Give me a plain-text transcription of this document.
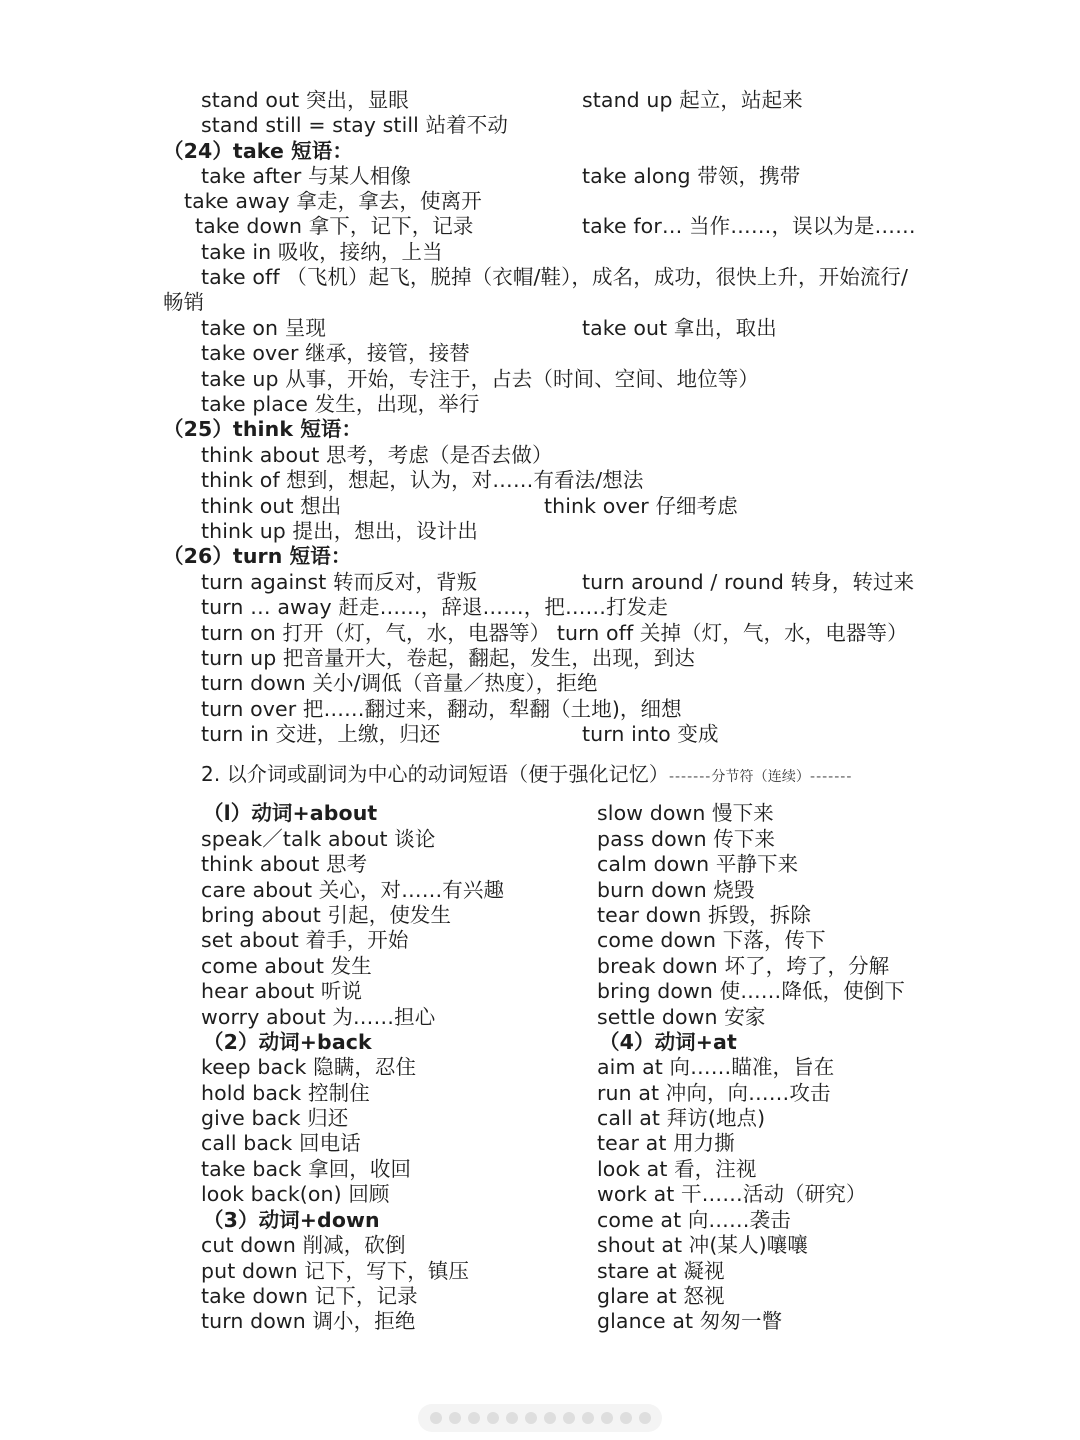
stand out 突出，显眼	stand up 起立，站起来
stand still = stay still 站着不动
（24）take 短语：
take after 与某人相像	take along 带领，携带
take away 拿走，拿去，使离开
take down 拿下，记下，记录	take for… 当作……，误以为是……
take in 吸收，接纳，上当
take off （飞机）起飞，脱掉（衣帽/鞋），成名，成功，很快上升，开始流行/
畅销
take on 呈现	take out 拿出，取出
take over 继承，接管，接替
take up 从事，开始，专注于，占去（时间、空间、地位等）
take place 发生，出现，举行
（25）think 短语：
think about 思考，考虑（是否去做）
think of 想到，想起，认为，对……有看法/想法
think out 想出	think over 仔细考虑
think up 提出，想出，设计出
（26）turn 短语：
turn against 转而反对，背叛	turn around / round 转身，转过来
turn … away 赶走……，辞退……，把……打发走
turn on 打开（灯，气，水，电器等） turn off 关掉（灯，气，水，电器等）
turn up 把音量开大，卷起，翻起，发生，出现，到达
turn down 关小/调低（音量／热度），拒绝
turn over 把……翻过来，翻动，犁翻（土地)，细想
turn in 交进，上缴，归还	turn into 变成
2. 以介词或副词为中心的动词短语（便于强化记忆）-------分节符（连续）-------
（l）动词+about
speak／talk about 谈论
think about 思考
care about 关心，对……有兴趣
bring about 引起，使发生
set about 着手，开始
come about 发生
hear about 听说
worry about 为……担心
（2）动词+back
keep back 隐瞒，忍住
hold back 控制住
give back 归还
call back 回电话
take back 拿回，收回
look back(on) 回顾
（3）动词+down
cut down 削减，砍倒
put down 记下，写下，镇压
take down 记下，记录
turn down 调小，拒绝
slow down 慢下来
pass down 传下来
calm down 平静下来
burn down 烧毁
tear down 拆毁，拆除
come down 下落，传下
break down 坏了，垮了，分解
bring down 使……降低，使倒下
settle down 安家
（4）动词+at
aim at 向……瞄准，旨在
run at 冲向，向……攻击
call at 拜访(地点)
tear at 用力撕
look at 看，注视
work at 干……活动（研究）
come at 向……袭击
shout at 冲(某人)嚷嚷
stare at 凝视
glare at 怒视
glance at 匆匆一瞥
